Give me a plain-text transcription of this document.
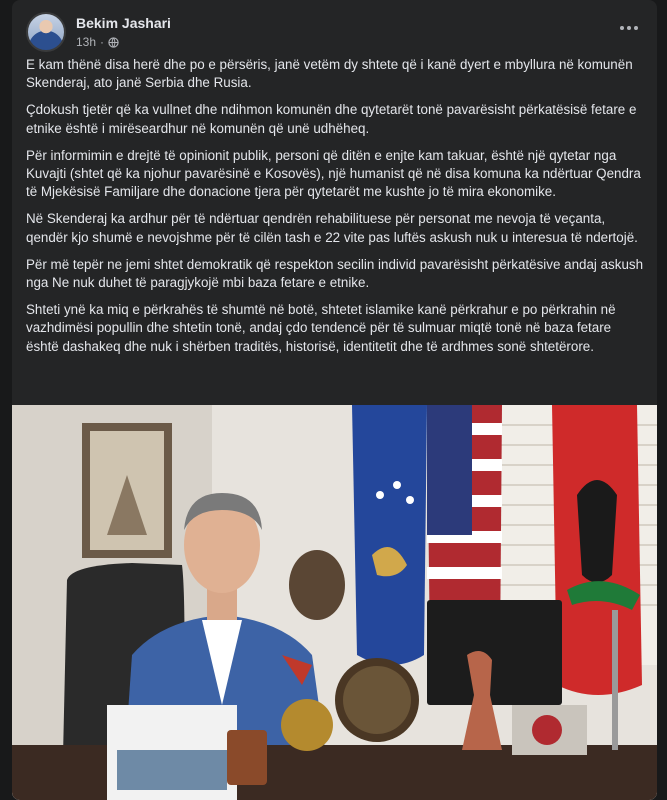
Bekim Jashari
13h ·

E kam thënë disa herë dhe po e përsëris, janë vetëm dy shtete që i kanë dyert e mbyllura në komunën Skenderaj, ato janë Serbia dhe Rusia.

Çdokush tjetër që ka vullnet dhe ndihmon komunën dhe qytetarët tonë pavarësisht përkatësisë fetare e etnike është i mirëseardhur në komunën që unë udhëheq.

Për informimin e drejtë të opinionit publik, personi që ditën e enjte kam takuar, është një qytetar nga Kuvajti (shtet që ka njohur pavarësinë e Kosovës), një humanist që në disa komuna ka ndërtuar Qendra të Mjekësisë Familjare dhe donacione tjera për qytetarët me kushte jo të mira ekonomike.

Në Skenderaj ka ardhur për të ndërtuar qendrën rehabilituese për personat me nevoja të veçanta, qendër kjo shumë e nevojshme për të cilën tash e 22 vite pas luftës askush nuk u interesua të ndertojë.

Për më tepër ne jemi shtet demokratik që respekton secilin individ pavarësisht përkatësive andaj askush nga Ne nuk duhet të paragjykojë mbi baza fetare e etnike.

Shteti ynë ka miq e përkrahës të shumtë në botë, shtetet islamike kanë përkrahur e po përkrahin në vazhdimësi popullin dhe shtetin tonë, andaj çdo tendencë për të sulmuar miqtë tonë në baza fetare është dashakeq dhe nuk i shërben traditës, historisë, identitetit dhe të ardhmes sonë shtetërore.
